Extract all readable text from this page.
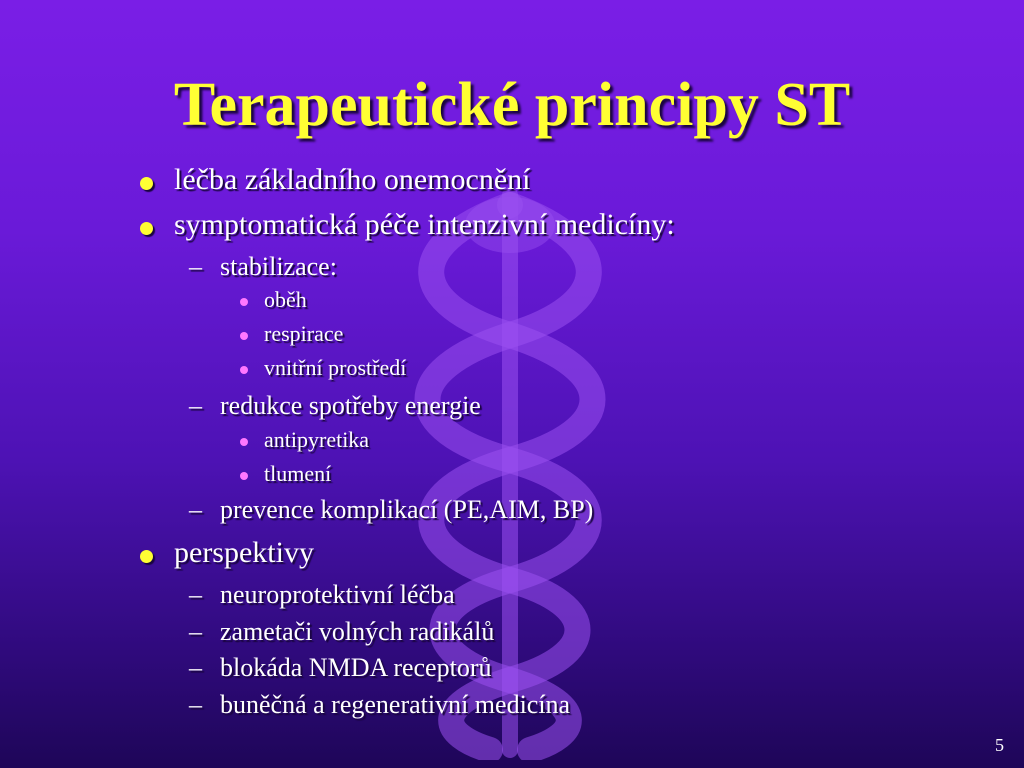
Terapeutické principy ST
léčba základního onemocnění
symptomatická péče intenzivní medicíny:
– stabilizace:
oběh
respirace
vnitřní prostředí
– redukce spotřeby energie
antipyretika
tlumení
– prevence komplikací (PE,AIM, BP)
perspektivy
– neuroprotektivní léčba
– zametači volných radikálů
– blokáda NMDA receptorů
– buněčná a regenerativní medicína
5
